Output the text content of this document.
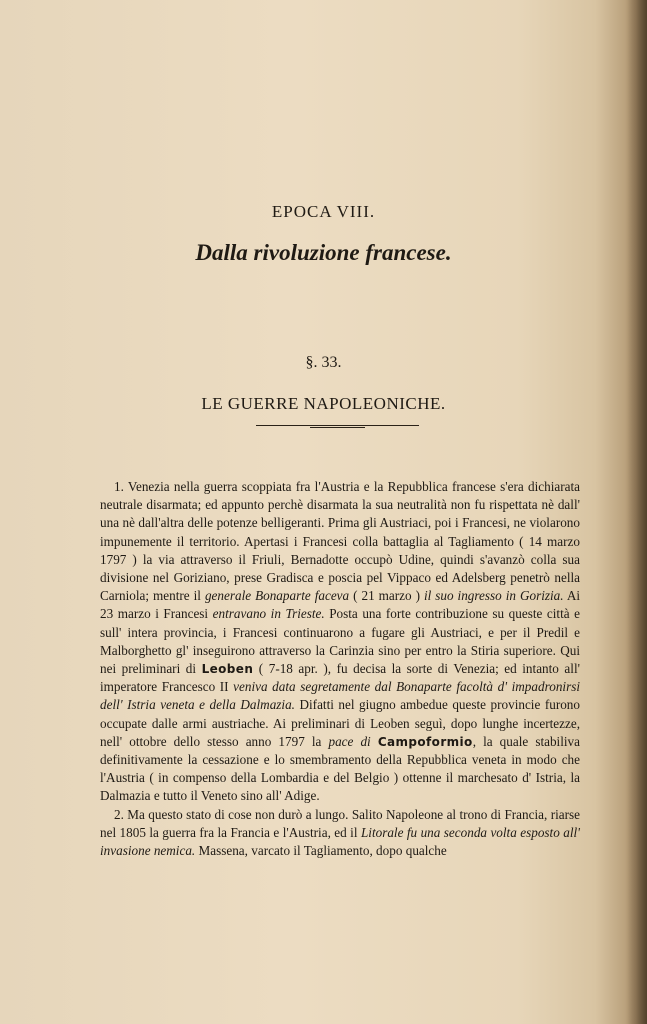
EPOCA VIII.
Dalla rivoluzione francese.
§. 33.
LE GUERRE NAPOLEONICHE.

1. Venezia nella guerra scoppiata fra l'Austria e la Repubblica francese s'era dichiarata neutrale disarmata; ed appunto perchè disarmata la sua neutralità non fu rispettata nè dall' una nè dall'altra delle potenze belligeranti. Prima gli Austriaci, poi i Francesi, ne violarono impunemente il territorio. Apertasi i Francesi colla battaglia al Tagliamento ( 14 marzo 1797 ) la via attraverso il Friuli, Bernadotte occupò Udine, quindi s'avanzò colla sua divisione nel Goriziano, prese Gradisca e poscia pel Vippaco ed Adelsberg penetrò nella Carniola; mentre il generale Bonaparte faceva ( 21 marzo ) il suo ingresso in Gorizia. Ai 23 marzo i Francesi entravano in Trieste. Posta una forte contribuzione su queste città e sull' intera provincia, i Francesi continuarono a fugare gli Austriaci, e per il Predil e Malborghetto gl' inseguirono attraverso la Carinzia sino per entro la Stiria superiore. Qui nei preliminari di Leoben ( 7-18 apr. ), fu decisa la sorte di Venezia; ed intanto all' imperatore Francesco II veniva data segretamente dal Bonaparte facoltà d' impadronirsi dell' Istria veneta e della Dalmazia. Difatti nel giugno ambedue queste provincie furono occupate dalle armi austriache. Ai preliminari di Leoben seguì, dopo lunghe incertezze, nell' ottobre dello stesso anno 1797 la pace di Campoformio, la quale stabiliva definitivamente la cessazione e lo smembramento della Repubblica veneta in modo che l'Austria ( in compenso della Lombardia e del Belgio ) ottenne il marchesato d' Istria, la Dalmazia e tutto il Veneto sino all' Adige.

2. Ma questo stato di cose non durò a lungo. Salito Napoleone al trono di Francia, riarse nel 1805 la guerra fra la Francia e l'Austria, ed il Litorale fu una seconda volta esposto all' invasione nemica. Massena, varcato il Tagliamento, dopo qualche
